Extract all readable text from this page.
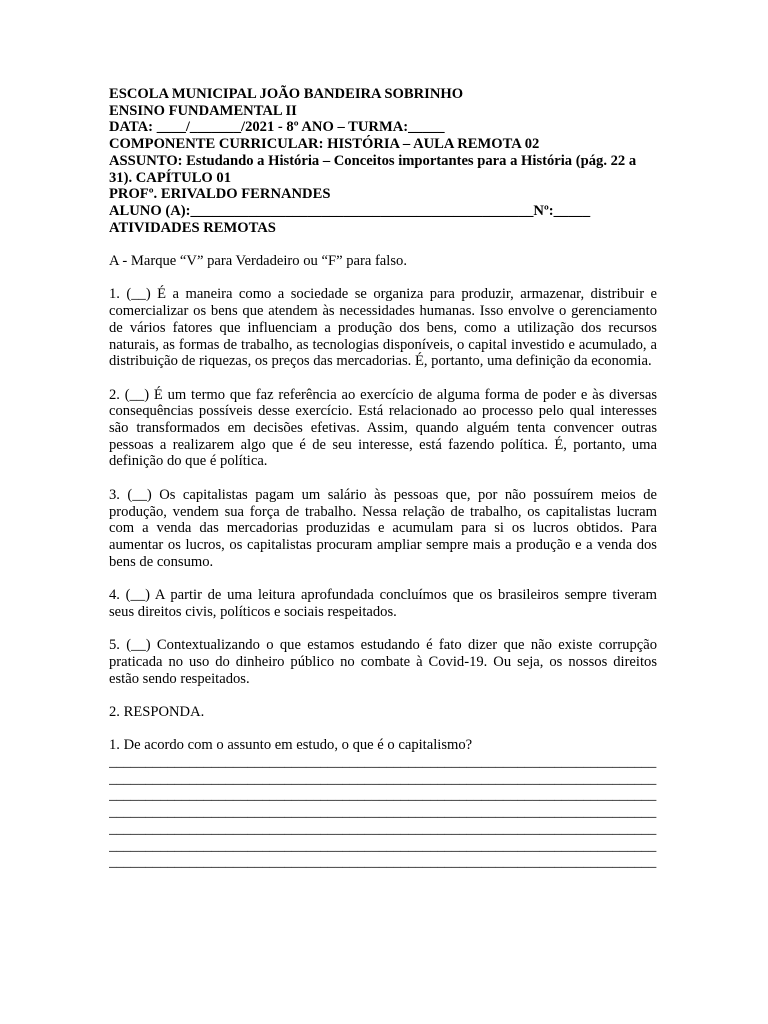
ESCOLA MUNICIPAL JOÃO BANDEIRA SOBRINHO
ENSINO FUNDAMENTAL II
DATA: ____/_______/2021 - 8º ANO – TURMA:_____
COMPONENTE CURRICULAR: HISTÓRIA – AULA REMOTA 02
ASSUNTO: Estudando a História – Conceitos importantes para a História (pág. 22 a 31). CAPÍTULO 01
PROFº. ERIVALDO FERNANDES
ALUNO (A):_______________________________________________Nº:_____
ATIVIDADES REMOTAS

A - Marque “V” para Verdadeiro ou “F” para falso.

1. (__) É a maneira como a sociedade se organiza para produzir, armazenar, distribuir e comercializar os bens que atendem às necessidades humanas. Isso envolve o gerenciamento de vários fatores que influenciam a produção dos bens, como a utilização dos recursos naturais, as formas de trabalho, as tecnologias disponíveis, o capital investido e acumulado, a distribuição de riquezas, os preços das mercadorias. É, portanto, uma definição da economia.

2. (__) É um termo que faz referência ao exercício de alguma forma de poder e às diversas consequências possíveis desse exercício. Está relacionado ao processo pelo qual interesses são transformados em decisões efetivas. Assim, quando alguém tenta convencer outras pessoas a realizarem algo que é de seu interesse, está fazendo política. É, portanto, uma definição do que é política.

3. (__) Os capitalistas pagam um salário às pessoas que, por não possuírem meios de produção, vendem sua força de trabalho. Nessa relação de trabalho, os capitalistas lucram com a venda das mercadorias produzidas e acumulam para si os lucros obtidos. Para aumentar os lucros, os capitalistas procuram ampliar sempre mais a produção e a venda dos bens de consumo.

4. (__) A partir de uma leitura aprofundada concluímos que os brasileiros sempre tiveram seus direitos civis, políticos e sociais respeitados.

5. (__) Contextualizando o que estamos estudando é fato dizer que não existe corrupção praticada no uso do dinheiro público no combate à Covid-19. Ou seja, os nossos direitos estão sendo respeitados.

2. RESPONDA.

1. De acordo com o assunto em estudo, o que é o capitalismo?

___________________________________________________________________________
___________________________________________________________________________
___________________________________________________________________________
___________________________________________________________________________
___________________________________________________________________________
___________________________________________________________________________
___________________________________________________________________________
